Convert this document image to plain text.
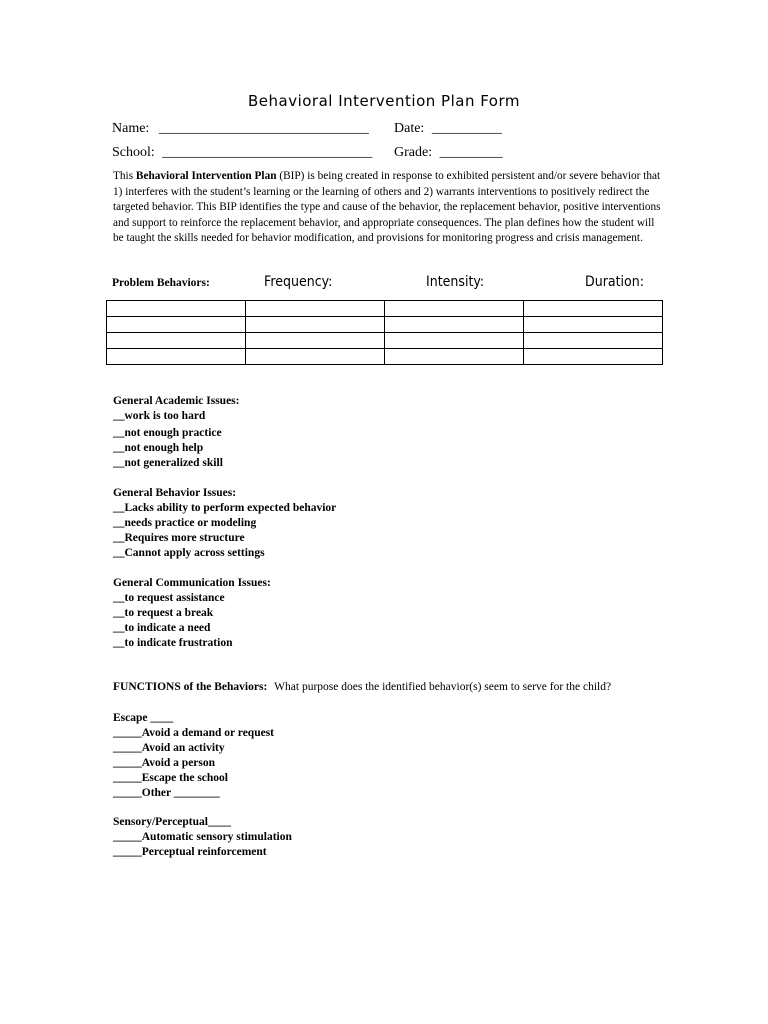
Behavioral Intervention Plan Form
Name: ______________________________ Date: __________
School: ______________________________ Grade: _________
This Behavioral Intervention Plan (BIP) is being created in response to exhibited persistent and/or severe behavior that 1) interferes with the student’s learning or the learning of others and 2) warrants interventions to positively redirect the targeted behavior. This BIP identifies the type and cause of the behavior, the replacement behavior, positive interventions and support to reinforce the replacement behavior, and appropriate consequences. The plan defines how the student will be taught the skills needed for behavior modification, and provisions for monitoring progress and crisis management.
Problem Behaviors:	Frequency:	Intensity:	Duration:

General Academic Issues:
__work is too hard
__not enough practice
__not enough help
__not generalized skill
General Behavior Issues:
__Lacks ability to perform expected behavior
__needs practice or modeling
__Requires more structure
__Cannot apply across settings
General Communication Issues:
__to request assistance
__to request a break
__to indicate a need
__to indicate frustration
FUNCTIONS of the Behaviors: What purpose does the identified behavior(s) seem to serve for the child?
Escape ____
_____Avoid a demand or request
_____Avoid an activity
_____Avoid a person
_____Escape the school
_____Other ________
Sensory/Perceptual____
_____Automatic sensory stimulation
_____Perceptual reinforcement
